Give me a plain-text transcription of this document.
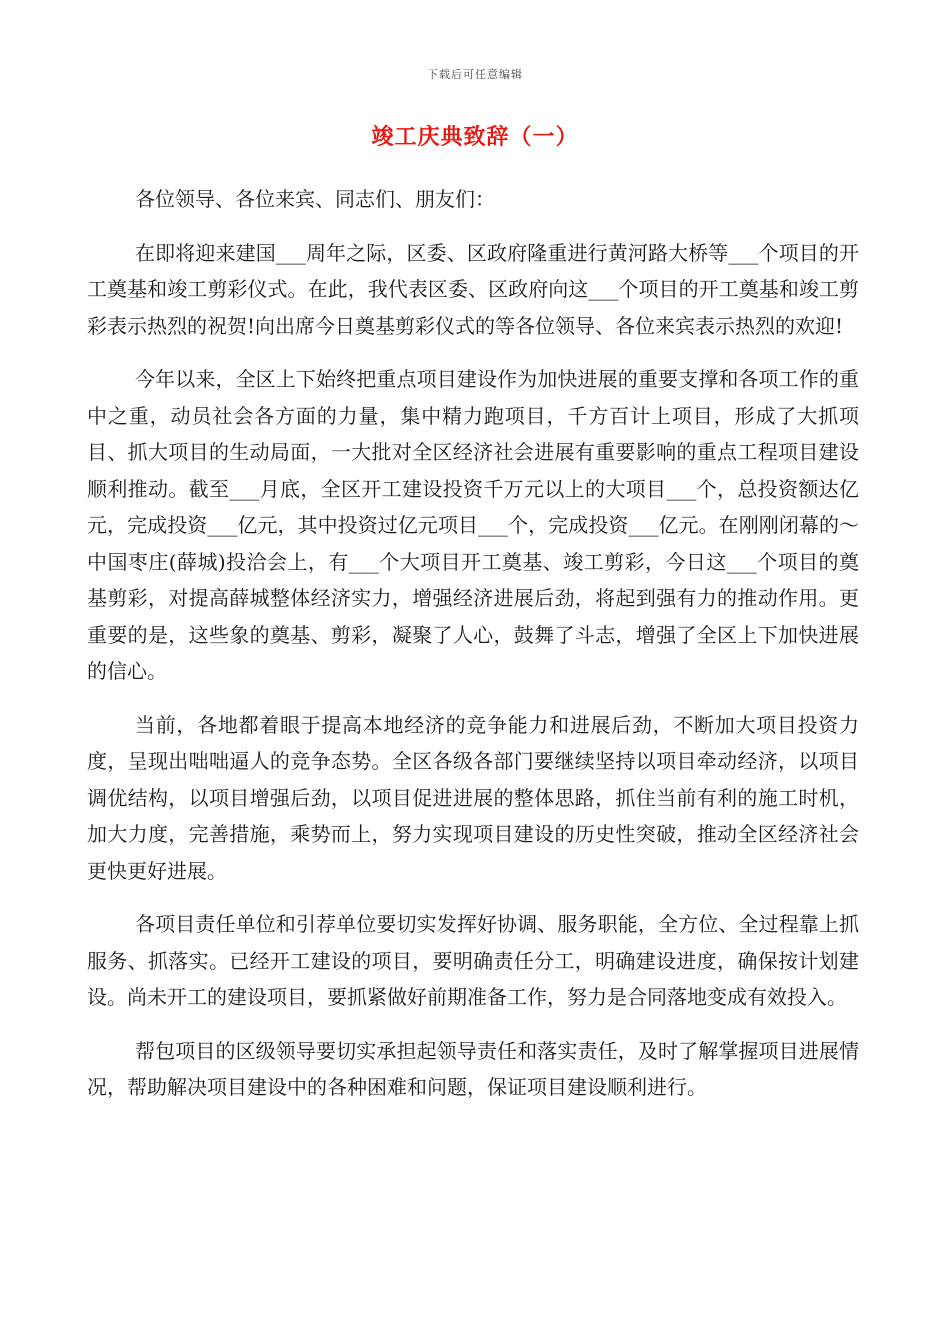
下载后可任意编辑
竣工庆典致辞（一）

各位领导、各位来宾、同志们、朋友们：

在即将迎来建国___周年之际，区委、区政府隆重进行黄河路大桥等___个项目的开工奠基和竣工剪彩仪式。在此，我代表区委、区政府向这___个项目的开工奠基和竣工剪彩表示热烈的祝贺!向出席今日奠基剪彩仪式的等各位领导、各位来宾表示热烈的欢迎!

今年以来，全区上下始终把重点项目建设作为加快进展的重要支撑和各项工作的重中之重，动员社会各方面的力量，集中精力跑项目，千方百计上项目，形成了大抓项目、抓大项目的生动局面，一大批对全区经济社会进展有重要影响的重点工程项目建设顺利推动。截至___月底，全区开工建设投资千万元以上的大项目___个，总投资额达亿元，完成投资___亿元，其中投资过亿元项目___个，完成投资___亿元。在刚刚闭幕的～中国枣庄(薛城)投洽会上，有___个大项目开工奠基、竣工剪彩，今日这___个项目的奠基剪彩，对提高薛城整体经济实力，增强经济进展后劲，将起到强有力的推动作用。更重要的是，这些象的奠基、剪彩，凝聚了人心，鼓舞了斗志，增强了全区上下加快进展的信心。

当前，各地都着眼于提高本地经济的竞争能力和进展后劲，不断加大项目投资力度，呈现出咄咄逼人的竞争态势。全区各级各部门要继续坚持以项目牵动经济，以项目调优结构，以项目增强后劲，以项目促进进展的整体思路，抓住当前有利的施工时机，加大力度，完善措施，乘势而上，努力实现项目建设的历史性突破，推动全区经济社会更快更好进展。

各项目责任单位和引荐单位要切实发挥好协调、服务职能，全方位、全过程靠上抓服务、抓落实。已经开工建设的项目，要明确责任分工，明确建设进度，确保按计划建设。尚未开工的建设项目，要抓紧做好前期准备工作，努力是合同落地变成有效投入。

帮包项目的区级领导要切实承担起领导责任和落实责任，及时了解掌握项目进展情况，帮助解决项目建设中的各种困难和问题，保证项目建设顺利进行。
